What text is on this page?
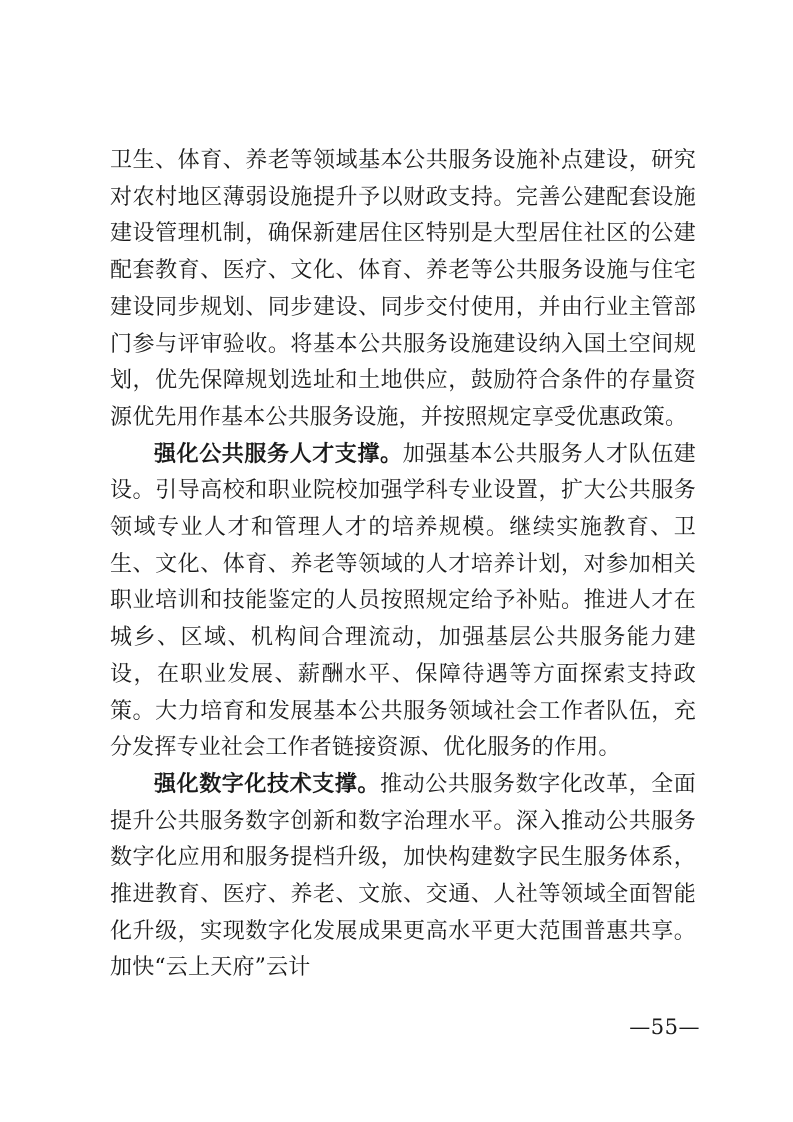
卫生、体育、养老等领域基本公共服务设施补点建设，研究对农村地区薄弱设施提升予以财政支持。完善公建配套设施建设管理机制，确保新建居住区特别是大型居住社区的公建配套教育、医疗、文化、体育、养老等公共服务设施与住宅建设同步规划、同步建设、同步交付使用，并由行业主管部门参与评审验收。将基本公共服务设施建设纳入国土空间规划，优先保障规划选址和土地供应，鼓励符合条件的存量资源优先用作基本公共服务设施，并按照规定享受优惠政策。

强化公共服务人才支撑。加强基本公共服务人才队伍建设。引导高校和职业院校加强学科专业设置，扩大公共服务领域专业人才和管理人才的培养规模。继续实施教育、卫生、文化、体育、养老等领域的人才培养计划，对参加相关职业培训和技能鉴定的人员按照规定给予补贴。推进人才在城乡、区域、机构间合理流动，加强基层公共服务能力建设，在职业发展、薪酬水平、保障待遇等方面探索支持政策。大力培育和发展基本公共服务领域社会工作者队伍，充分发挥专业社会工作者链接资源、优化服务的作用。

强化数字化技术支撑。推动公共服务数字化改革，全面提升公共服务数字创新和数字治理水平。深入推动公共服务数字化应用和服务提档升级，加快构建数字民生服务体系，推进教育、医疗、养老、文旅、交通、人社等领域全面智能化升级，实现数字化发展成果更高水平更大范围普惠共享。加快“云上天府”云计

—55—
